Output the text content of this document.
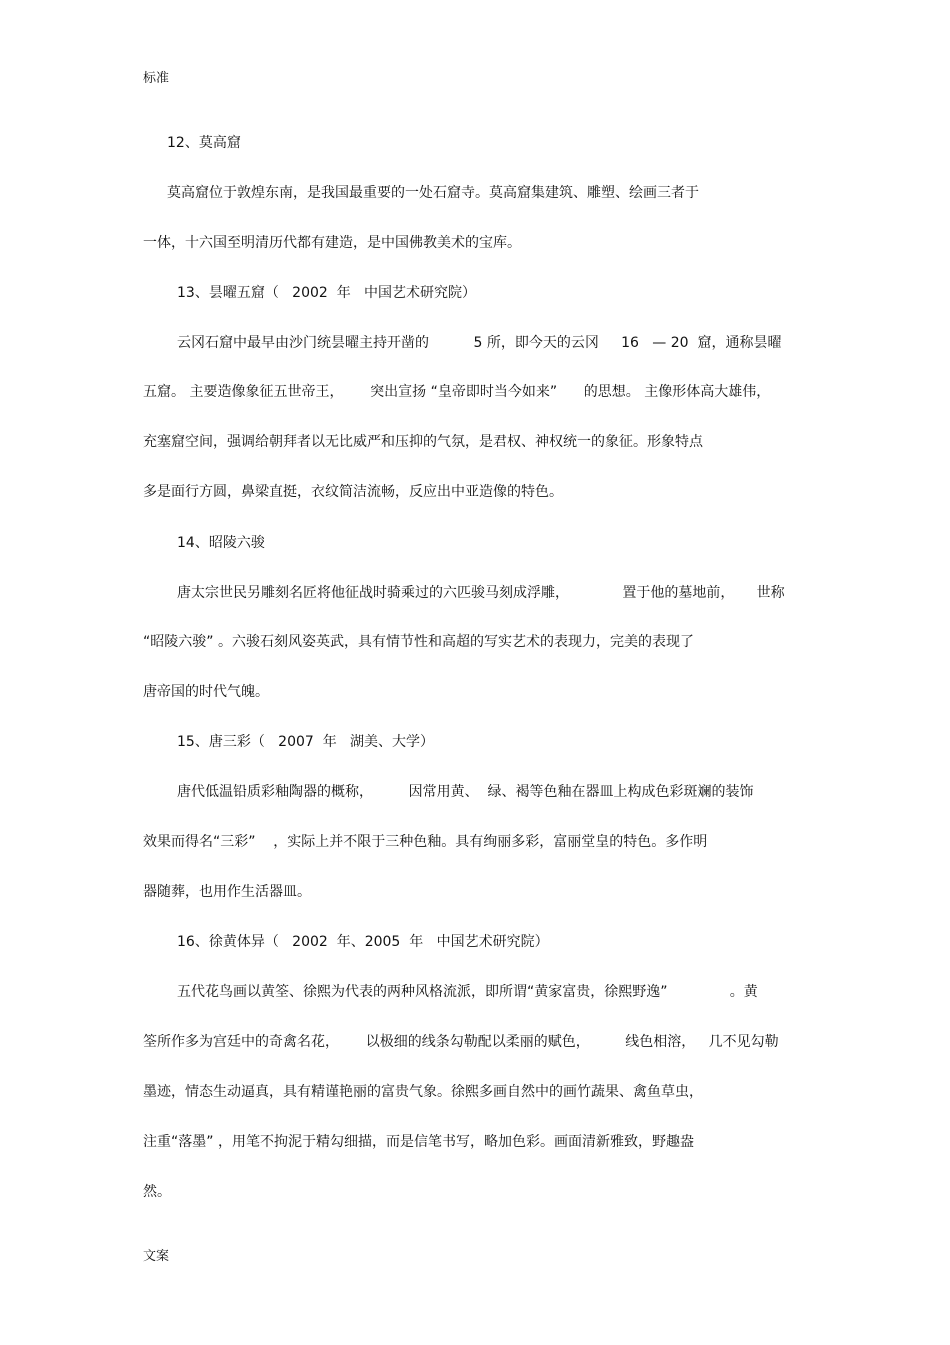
标准
12、莫高窟
莫高窟位于敦煌东南，是我国最重要的一处石窟寺。莫高窟集建筑、雕塑、绘画三者于
一体，十六国至明清历代都有建造，是中国佛教美术的宝库。
13、昙曜五窟（   2002  年   中国艺术研究院）
云冈石窟中最早由沙门统昙曜主持开凿的          5 所，即今天的云冈     16   — 20  窟，通称昙曜
五窟。 主要造像象征五世帝王，      突出宣扬 “皇帝即时当今如来”      的思想。 主像形体高大雄伟，
充塞窟空间，强调给朝拜者以无比威严和压抑的气氛，是君权、神权统一的象征。形象特点
多是面行方圆，鼻梁直挺，衣纹简洁流畅，反应出中亚造像的特色。
14、昭陵六骏
唐太宗世民另雕刻名匠将他征战时骑乘过的六匹骏马刻成浮雕，            置于他的墓地前，     世称
“昭陵六骏” 。六骏石刻风姿英武，具有情节性和高超的写实艺术的表现力，完美的表现了
唐帝国的时代气魄。
15、唐三彩（   2007  年   湖美、大学）
唐代低温铅质彩釉陶器的概称，        因常用黄、  绿、褐等色釉在器皿上构成色彩斑斓的装饰
效果而得名“三彩”    ，实际上并不限于三种色釉。具有绚丽多彩，富丽堂皇的特色。多作明
器随葬，也用作生活器皿。
16、徐黄体异（   2002  年、2005  年   中国艺术研究院）
五代花鸟画以黄筌、徐熙为代表的两种风格流派，即所谓“黄家富贵，徐熙野逸”              。黄
筌所作多为宫廷中的奇禽名花，      以极细的线条勾勒配以柔丽的赋色，        线色相溶，   几不见勾勒
墨迹，情态生动逼真，具有精谨艳丽的富贵气象。徐熙多画自然中的画竹蔬果、禽鱼草虫，
注重“落墨” ，用笔不拘泥于精勾细描，而是信笔书写，略加色彩。画面清新雅致，野趣盎
然。
文案
